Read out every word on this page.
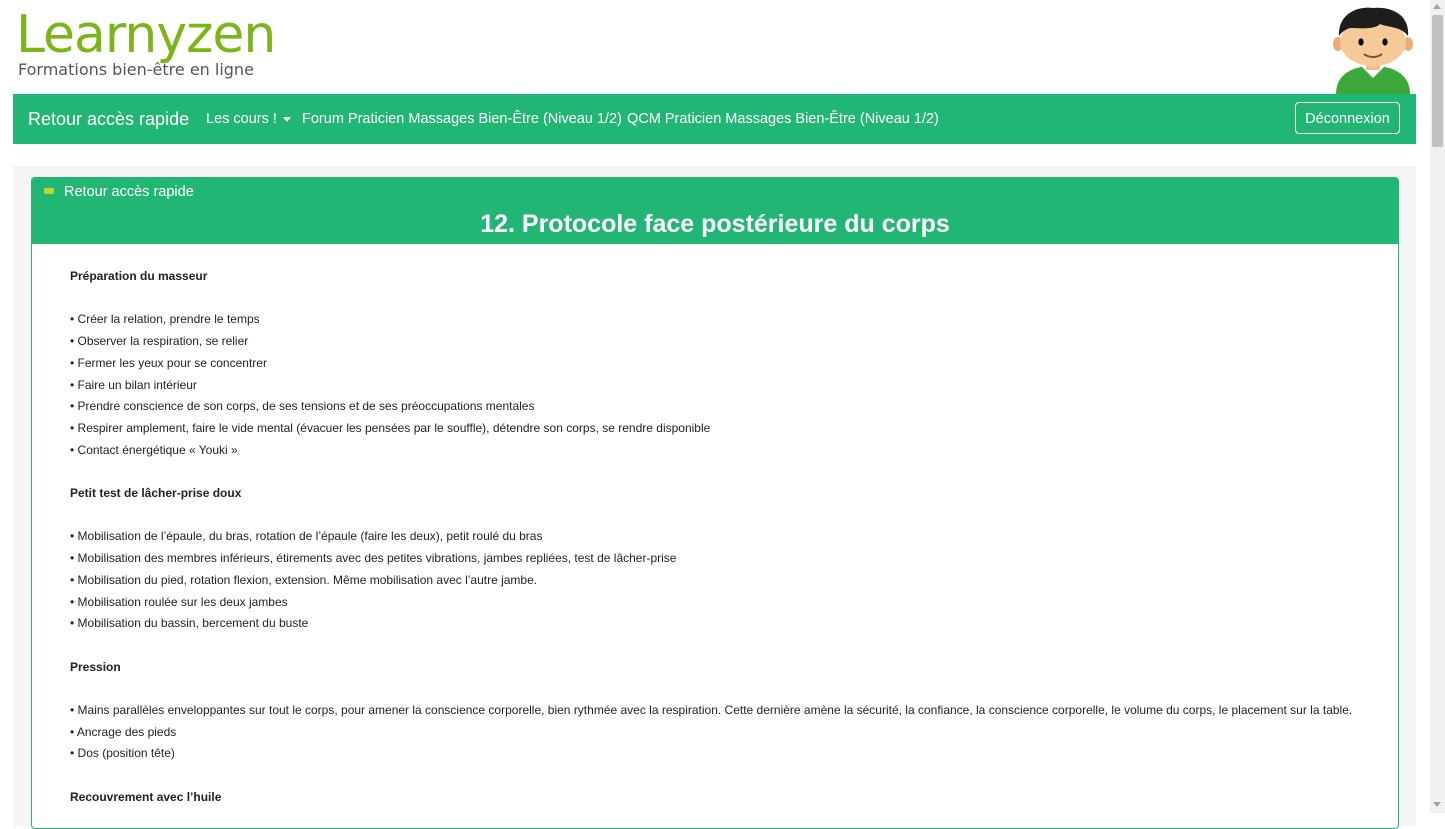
Learnyzen
Formations bien-être en ligne
Retour accès rapide Les cours !	Forum Praticien Massages Bien-Être (Niveau 1/2) QCM Praticien Massages Bien-Être (Niveau 1/2)	Déconnexion
Retour accès rapide
12. Protocole face postérieure du corps

Préparation du masseur

• Créer la relation, prendre le temps

• Observer la respiration, se relier

• Fermer les yeux pour se concentrer

• Faire un bilan intérieur

• Prendre conscience de son corps, de ses tensions et de ses préoccupations mentales

• Respirer amplement, faire le vide mental (évacuer les pensées par le souffle), détendre son corps, se rendre disponible

• Contact énergétique « Youki »

Petit test de lâcher-prise doux

• Mobilisation de l’épaule, du bras, rotation de l’épaule (faire les deux), petit roulé du bras

• Mobilisation des membres inférieurs, étirements avec des petites vibrations, jambes repliées, test de lâcher-prise

• Mobilisation du pied, rotation flexion, extension. Même mobilisation avec l’autre jambe.

• Mobilisation roulée sur les deux jambes

• Mobilisation du bassin, bercement du buste

Pression

• Mains parallèles enveloppantes sur tout le corps, pour amener la conscience corporelle, bien rythmée avec la respiration. Cette dernière amène la sécurité, la confiance, la conscience corporelle, le volume du corps, le placement sur la table.

• Ancrage des pieds

• Dos (position tête)

Recouvrement avec l’huile
